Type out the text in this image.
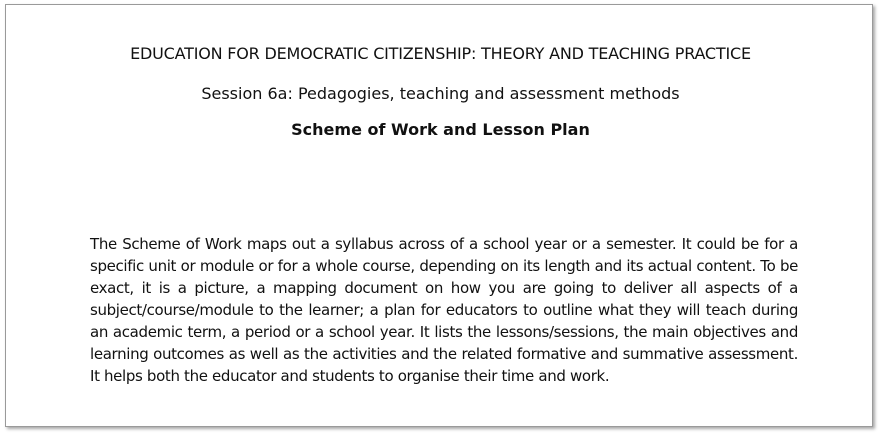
EDUCATION FOR DEMOCRATIC CITIZENSHIP: THEORY AND TEACHING PRACTICE
Session 6a: Pedagogies, teaching and assessment methods
Scheme of Work and Lesson Plan

The Scheme of Work maps out a syllabus across of a school year or a semester. It could be for a specific unit or module or for a whole course, depending on its length and its actual content. To be exact, it is a picture, a mapping document on how you are going to deliver all aspects of a subject/course/module to the learner; a plan for educators to outline what they will teach during an academic term, a period or a school year. It lists the lessons/sessions, the main objectives and learning outcomes as well as the activities and the related formative and summative assessment. It helps both the educator and students to organise their time and work.
